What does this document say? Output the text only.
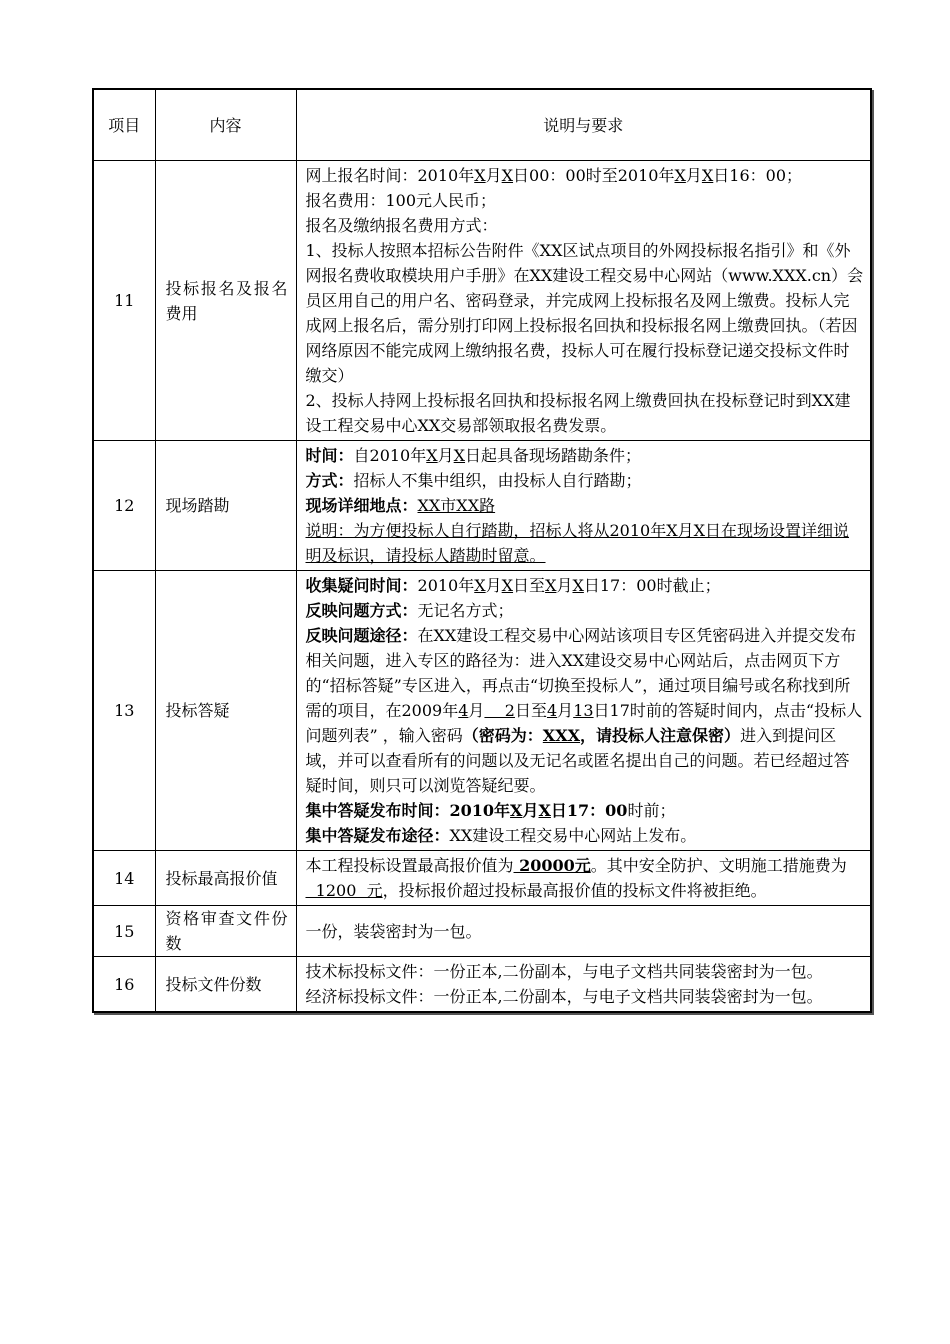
项目	内容	说明与要求
11	投标报名及报名费用	网上报名时间：2010年X月X日00：00时至2010年X月X日16：00；

报名费用：100元人民币；

报名及缴纳报名费用方式：

1、投标人按照本招标公告附件《XX区试点项目的外网投标报名指引》和《外网报名费收取模块用户手册》在XX建设工程交易中心网站（www.XXX.cn）会员区用自己的用户名、密码登录，并完成网上投标报名及网上缴费。投标人完成网上报名后，需分别打印网上投标报名回执和投标报名网上缴费回执。（若因网络原因不能完成网上缴纳报名费，投标人可在履行投标登记递交投标文件时缴交）

2、投标人持网上投标报名回执和投标报名网上缴费回执在投标登记时到XX建设工程交易中心XX交易部领取报名费发票。

12	现场踏勘	时间：自2010年X月X日起具备现场踏勘条件；

方式：招标人不集中组织，由投标人自行踏勘；

现场详细地点：XX市XX路

说明：为方便投标人自行踏勘，招标人将从2010年X月X日在现场设置详细说明及标识，请投标人踏勘时留意。

13	投标答疑	收集疑问时间：2010年X月X日至X月X日17：00时截止；

反映问题方式：无记名方式；

反映问题途径：在XX建设工程交易中心网站该项目专区凭密码进入并提交发布相关问题，进入专区的路径为：进入XX建设交易中心网站后，点击网页下方的“招标答疑”专区进入，再点击“切换至投标人”，通过项目编号或名称找到所需的项目，在2009年4月    2日至4月13日17时前的答疑时间内，点击“投标人问题列表” ，输入密码（密码为：XXX，请投标人注意保密）进入到提问区域，并可以查看所有的问题以及无记名或匿名提出自己的问题。若已经超过答疑时间，则只可以浏览答疑纪要。

集中答疑发布时间：2010年X月X日17：00时前；

集中答疑发布途径：XX建设工程交易中心网站上发布。

14	投标最高报价值	本工程投标设置最高报价值为 20000元。其中安全防护、文明施工措施费为  1200  元，投标报价超过投标最高报价值的投标文件将被拒绝。

15	资格审查文件份数	一份，装袋密封为一包。

16	投标文件份数	技术标投标文件：一份正本,二份副本，与电子文档共同装袋密封为一包。

经济标投标文件：一份正本,二份副本，与电子文档共同装袋密封为一包。
